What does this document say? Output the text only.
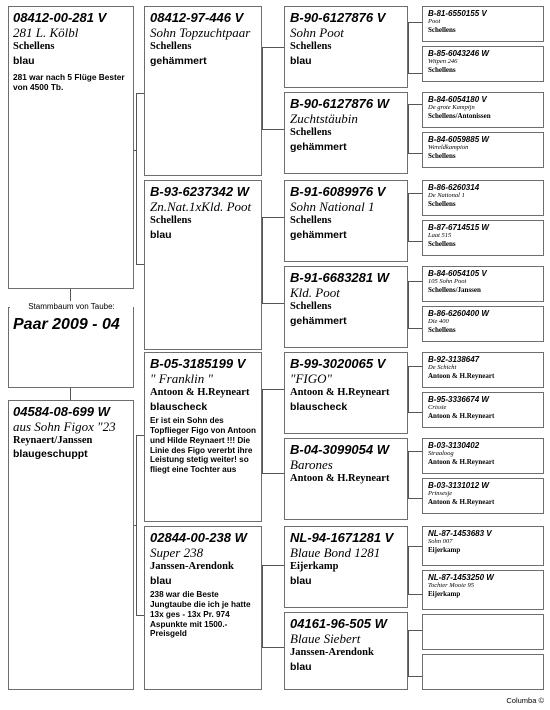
08412-00-281 V
281 L. Kölbl
Schellens
blau
281 war nach 5 Flüge Bester von 4500 Tb.
Paar 2009 - 04
Stammbaum von Taube:
04584-08-699 W
aus Sohn Figox "23
Reynaert/Janssen
blaugeschuppt
08412-97-446 V
Sohn Topzuchtpaar
Schellens
gehämmert
B-93-6237342 W
Zn.Nat.1xKld. Poot
Schellens
blau
B-05-3185199 V
" Franklin "
Antoon & H.Reyneart
blauscheck
Er ist ein Sohn des Topflieger Figo von Antoon und Hilde Reynaert !!! Die Linie des Figo vererbt ihre Leistung stetig weiter! so fliegt eine Tochter aus
02844-00-238 W
Super 238
Janssen-Arendonk
blau
238 war die Beste Jungtaube die ich je hatte 13x ges - 13x Pr. 974 Aspunkte mit 1500.- Preisgeld
B-90-6127876 V
Sohn Poot
Schellens
blau
B-90-6127876 W
Zuchtstäubin
Schellens
gehämmert
B-91-6089976 V
Sohn National 1
Schellens
gehämmert
B-91-6683281 W
Kld. Poot
Schellens
gehämmert
B-99-3020065 V
"FIGO"
Antoon & H.Reyneart
blauscheck
B-04-3099054 W
Barones
Antoon & H.Reyneart
NL-94-1671281 V
Blaue Bond 1281
Eijerkamp
blau
04161-96-505 W
Blaue Siebert
Janssen-Arendonk
blau
B-81-6550155 V
Poot
Schellens
B-85-6043246 W
Witpen 246
Schellens
B-84-6054180 V
De grote Kampijn
Schellens/Antonissen
B-84-6059885 W
Wereldkampion
Schellens
B-86-6260314
De National 1
Schellens
B-87-6714515 W
Laat 515
Schellens
B-84-6054105 V
105 Sohn Poot
Schellens/Janssen
B-86-6260400 W
Die 400
Schellens
B-92-3138647
De Schicht
Antoon & H.Reyneart
B-95-3336674 W
Crissie
Antoon & H.Reyneart
B-03-3130402
Straaloog
Antoon & H.Reyneart
B-03-3131012 W
Prinsesje
Antoon & H.Reyneart
NL-87-1453683 V
Sohn 007
Eijerkamp
NL-87-1453250 W
Tochter Mooie 95
Eijerkamp
Columba ©
